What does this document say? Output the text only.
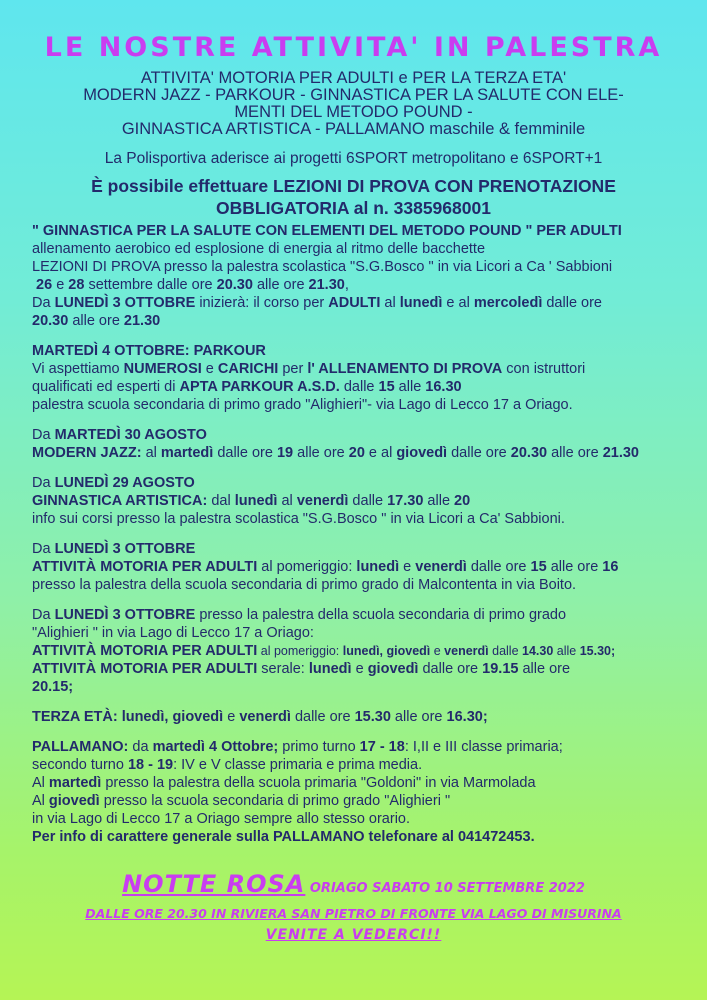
LE NOSTRE ATTIVITA' IN PALESTRA
ATTIVITA' MOTORIA PER ADULTI e PER LA TERZA ETA'
MODERN JAZZ - PARKOUR - GINNASTICA PER LA SALUTE CON ELE-
MENTI DEL METODO POUND -
GINNASTICA ARTISTICA - PALLAMANO maschile & femminile
La Polisportiva aderisce ai progetti 6SPORT metropolitano e 6SPORT+1
È possibile effettuare LEZIONI DI PROVA CON PRENOTAZIONE
OBBLIGATORIA al n. 3385968001

" GINNASTICA PER LA SALUTE CON ELEMENTI DEL METODO POUND " PER ADULTI

allenamento aerobico ed esplosione di energia al ritmo delle bacchette

LEZIONI DI PROVA presso la palestra scolastica "S.G.Bosco " in via Licori a Ca ' Sabbioni

26 e 28 settembre dalle ore 20.30 alle ore 21.30,

Da LUNEDÌ 3 OTTOBRE inizierà: il corso per ADULTI al lunedì e al mercoledì dalle ore

20.30 alle ore 21.30

MARTEDÌ 4 OTTOBRE: PARKOUR

Vi aspettiamo NUMEROSI e CARICHI per l' ALLENAMENTO DI PROVA con istruttori

qualificati ed esperti di APTA PARKOUR A.S.D. dalle 15 alle 16.30

palestra scuola secondaria di primo grado "Alighieri"- via Lago di Lecco 17 a Oriago.

Da MARTEDÌ 30 AGOSTO

MODERN JAZZ: al martedì dalle ore 19 alle ore 20 e al giovedì dalle ore 20.30 alle ore 21.30

Da LUNEDÌ 29 AGOSTO

GINNASTICA ARTISTICA: dal lunedì al venerdì dalle 17.30 alle 20

info sui corsi presso la palestra scolastica "S.G.Bosco " in via Licori a Ca' Sabbioni.

Da LUNEDÌ 3 OTTOBRE

ATTIVITÀ MOTORIA PER ADULTI al pomeriggio: lunedì e venerdì dalle ore 15 alle ore 16

presso la palestra della scuola secondaria di primo grado di Malcontenta in via Boito.

Da LUNEDÌ 3 OTTOBRE presso la palestra della scuola secondaria di primo grado

"Alighieri " in via Lago di Lecco 17 a Oriago:

ATTIVITÀ MOTORIA PER ADULTI al pomeriggio: lunedì, giovedì e venerdì dalle 14.30 alle 15.30;

ATTIVITÀ MOTORIA PER ADULTI serale: lunedì e giovedì dalle ore 19.15 alle ore

20.15;

TERZA ETÀ: lunedì, giovedì e venerdì dalle ore 15.30 alle ore 16.30;

PALLAMANO: da martedì 4 Ottobre; primo turno 17 - 18: I,II e III classe primaria;

secondo turno 18 - 19: IV e V classe primaria e prima media.

Al martedì presso la palestra della scuola primaria "Goldoni" in via Marmolada

Al giovedì presso la scuola secondaria di primo grado "Alighieri "

in via Lago di Lecco 17 a Oriago sempre allo stesso orario.

Per info di carattere generale sulla PALLAMANO telefonare al 041472453.

NOTTE ROSA ORIAGO SABATO 10 SETTEMBRE 2022
DALLE ORE 20.30 IN RIVIERA SAN PIETRO DI FRONTE VIA LAGO DI MISURINA
VENITE A VEDERCI!!
